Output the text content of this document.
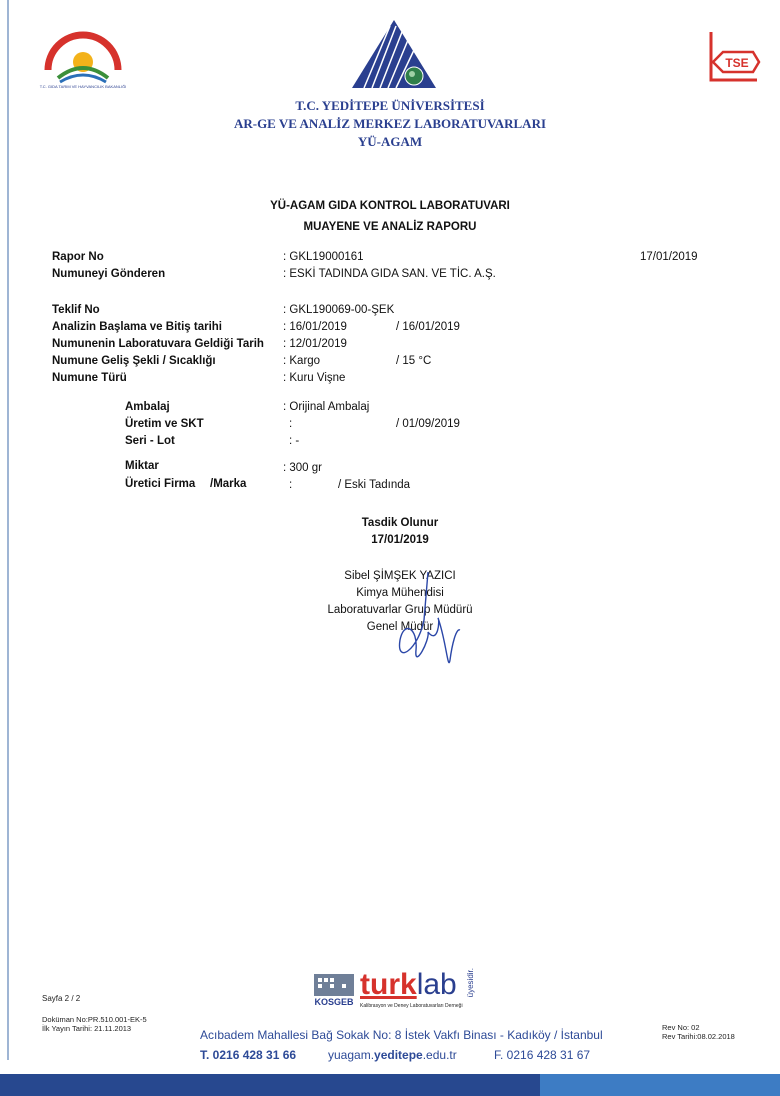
T.C. GIDA TARIM VE HAYVANCILIK BAKANLIĞI
TSE
T.C. YEDİTEPE ÜNİVERSİTESİ
AR-GE VE ANALİZ MERKEZ LABORATUVARLARI
YÜ-AGAM
YÜ-AGAM GIDA KONTROL LABORATUVARI
MUAYENE VE ANALİZ RAPORU
17/01/2019
Rapor No	: GKL19000161
Numuneyi Gönderen	: ESKİ TADINDA GIDA SAN. VE TİC. A.Ş.
Teklif No	: GKL190069-00-ŞEK
Analizin Başlama ve Bitiş tarihi	: 16/01/2019	/ 16/01/2019
Numunenin Laboratuvara Geldiği Tarih : 12/01/2019
Numune Geliş Şekli / Sıcaklığı	: Kargo	/ 15 °C
Numune Türü	: Kuru Vişne
Ambalaj	: Orijinal Ambalaj
Üretim ve SKT	:	/ 01/09/2019
Seri - Lot	: -
Miktar	: 300 gr
Üretici Firma /Marka	:	/ Eski Tadında
Tasdik Olunur
17/01/2019
Sibel ŞİMŞEK YAZICI
Kimya Mühendisi
Laboratuvarlar Grup Müdürü
Genel Müdür
KOSGEB
turklab
Kalibrasyon ve Deney Laboratuvarları Derneği
üyesidir.
Sayfa 2 / 2
Doküman No:PR.510.001-EK-5
İlk Yayın Tarihi: 21.11.2013	Rev No: 02
Rev Tarihi:08.02.2018
Acıbadem Mahallesi Bağ Sokak No: 8 İstek Vakfı Binası - Kadıköy / İstanbul
T. 0216 428 31 66	yuagam.yeditepe.edu.tr	F. 0216 428 31 67
